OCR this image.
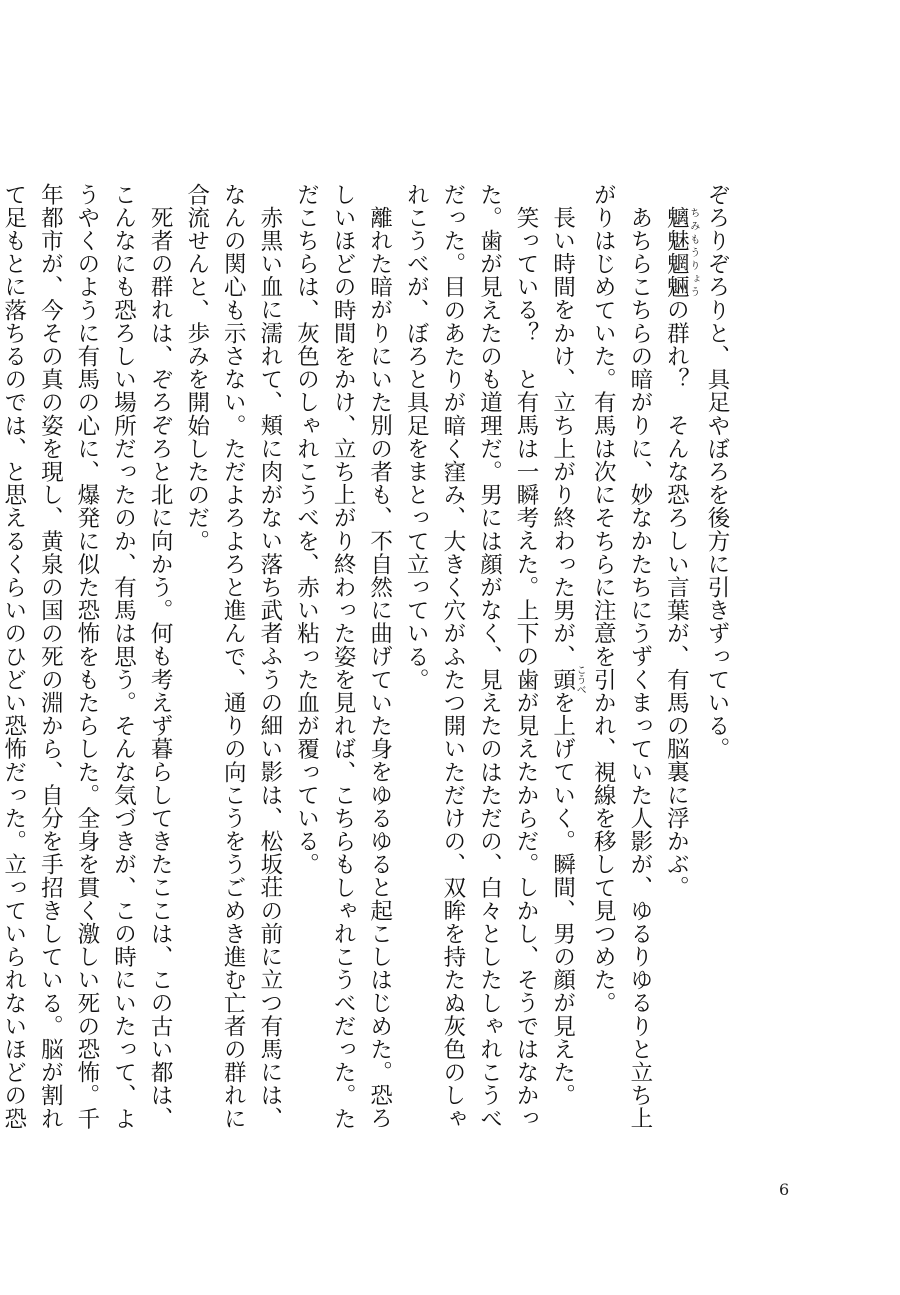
ぞろりぞろりと、具足やぼろを後方に引きずっている。

魑魅魍魎ちみもうりょうの群れ？　そんな恐ろしい言葉が、有馬の脳裏に浮かぶ。

あちらこちらの暗がりに、妙なかたちにうずくまっていた人影が、ゆるりゆるりと立ち上がりはじめていた。有馬は次にそちらに注意を引かれ、視線を移して見つめた。

長い時間をかけ、立ち上がり終わった男が、頭こうべを上げていく。瞬間、男の顔が見えた。

笑っている？　と有馬は一瞬考えた。上下の歯が見えたからだ。しかし、そうではなかった。歯が見えたのも道理だ。男には顔がなく、見えたのはただの、白々としたしゃれこうべだった。目のあたりが暗く窪み、大きく穴がふたつ開いただけの、双眸を持たぬ灰色のしゃれこうべが、ぼろと具足をまとって立っている。

離れた暗がりにいた別の者も、不自然に曲げていた身をゆるゆると起こしはじめた。恐ろしいほどの時間をかけ、立ち上がり終わった姿を見れば、こちらもしゃれこうべだった。ただこちらは、灰色のしゃれこうべを、赤い粘った血が覆っている。

赤黒い血に濡れて、頬に肉がない落ち武者ふうの細い影は、松坂荘の前に立つ有馬には、なんの関心も示さない。ただよろよろと進んで、通りの向こうをうごめき進む亡者の群れに合流せんと、歩みを開始したのだ。

死者の群れは、ぞろぞろと北に向かう。何も考えず暮らしてきたここは、この古い都は、こんなにも恐ろしい場所だったのか、有馬は思う。そんな気づきが、この時にいたって、ようやくのように有馬の心に、爆発に似た恐怖をもたらした。全身を貫く激しい死の恐怖。千年都市が、今その真の姿を現し、黄泉の国の死の淵から、自分を手招きしている。脳が割れて足もとに落ちるのでは、と思えるくらいのひどい恐怖だった。立っていられないほどの恐

6
